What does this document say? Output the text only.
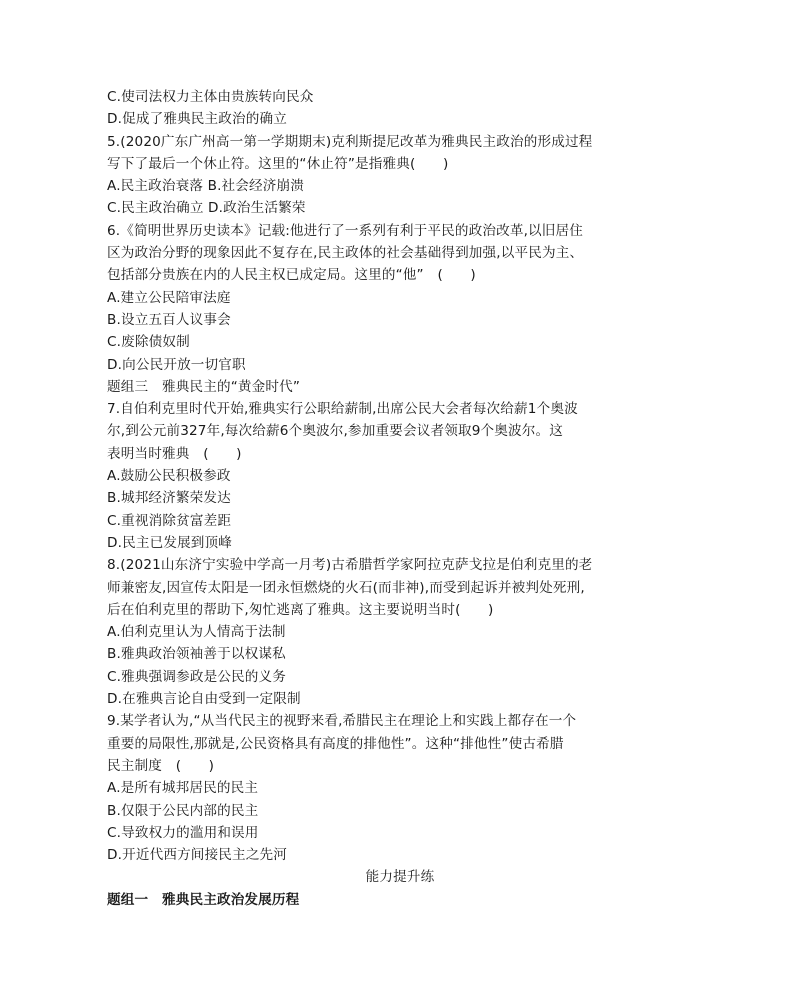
C.使司法权力主体由贵族转向民众
D.促成了雅典民主政治的确立
5.(2020广东广州高一第一学期期末)克利斯提尼改革为雅典民主政治的形成过程
写下了最后一个休止符。这里的“休止符”是指雅典(　　)
A.民主政治衰落 B.社会经济崩溃
C.民主政治确立 D.政治生活繁荣
6.《简明世界历史读本》记载:他进行了一系列有利于平民的政治改革,以旧居住
区为政治分野的现象因此不复存在,民主政体的社会基础得到加强,以平民为主、
包括部分贵族在内的人民主权已成定局。这里的“他”　(　　)
A.建立公民陪审法庭
B.设立五百人议事会
C.废除债奴制
D.向公民开放一切官职
题组三　雅典民主的“黄金时代”
7.自伯利克里时代开始,雅典实行公职给薪制,出席公民大会者每次给薪1个奥波
尔,到公元前327年,每次给薪6个奥波尔,参加重要会议者领取9个奥波尔。这
表明当时雅典　(　　)
A.鼓励公民积极参政
B.城邦经济繁荣发达
C.重视消除贫富差距
D.民主已发展到顶峰
8.(2021山东济宁实验中学高一月考)古希腊哲学家阿拉克萨戈拉是伯利克里的老
师兼密友,因宣传太阳是一团永恒燃烧的火石(而非神),而受到起诉并被判处死刑,
后在伯利克里的帮助下,匆忙逃离了雅典。这主要说明当时(　　)
A.伯利克里认为人情高于法制
B.雅典政治领袖善于以权谋私
C.雅典强调参政是公民的义务
D.在雅典言论自由受到一定限制
9.某学者认为,“从当代民主的视野来看,希腊民主在理论上和实践上都存在一个
重要的局限性,那就是,公民资格具有高度的排他性”。这种“排他性”使古希腊
民主制度　(　　)
A.是所有城邦居民的民主
B.仅限于公民内部的民主
C.导致权力的滥用和误用
D.开近代西方间接民主之先河
能力提升练
题组一　雅典民主政治发展历程
